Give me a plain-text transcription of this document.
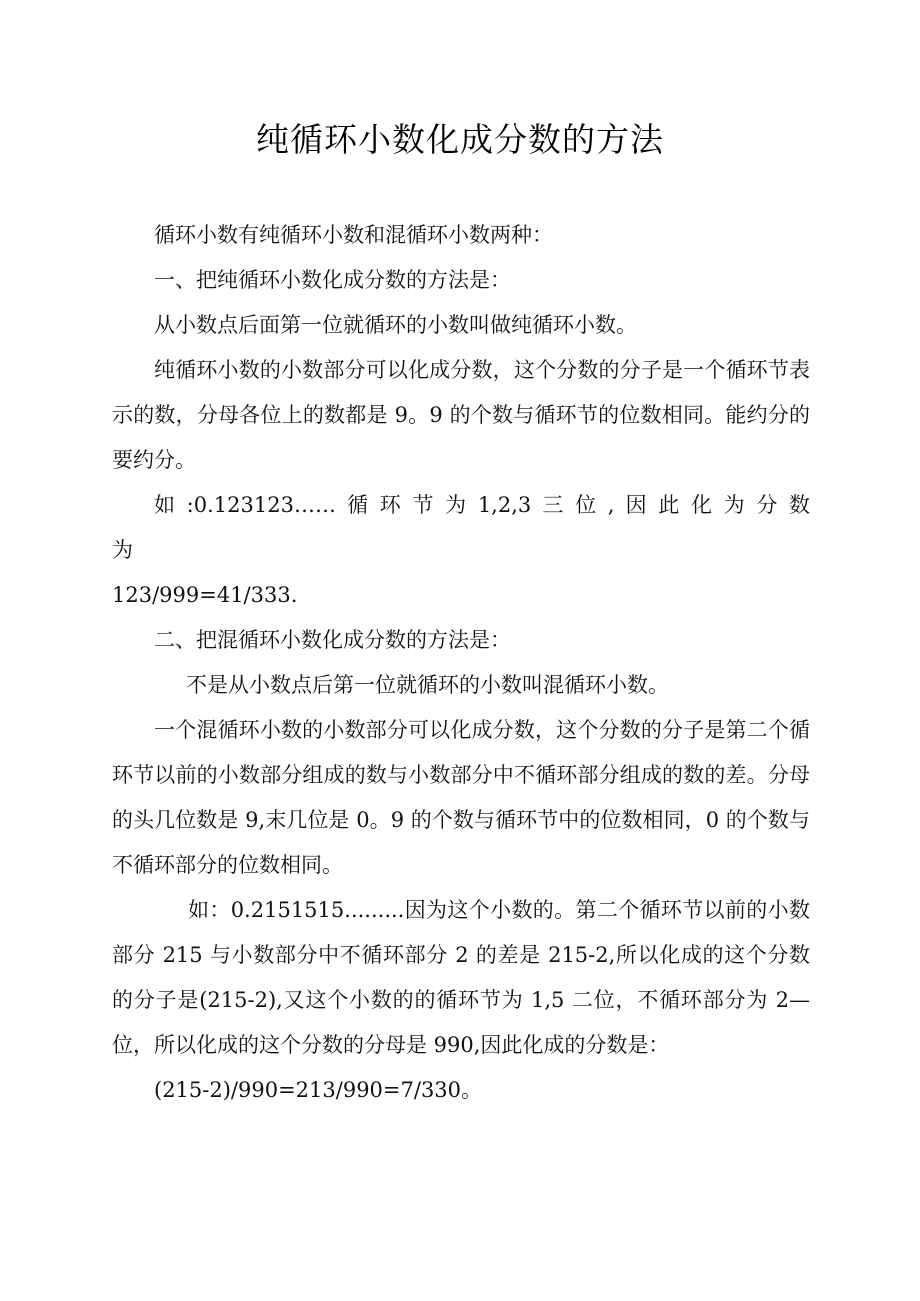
纯循环小数化成分数的方法

循环小数有纯循环小数和混循环小数两种：

一、把纯循环小数化成分数的方法是：

从小数点后面第一位就循环的小数叫做纯循环小数。

纯循环小数的小数部分可以化成分数，这个分数的分子是一个循环节表示的数，分母各位上的数都是 9。9 的个数与循环节的位数相同。能约分的要约分。

如 :0.123123…… 循 环 节 为 1,2,3 三 位 , 因 此 化 为 分 数 为

123/999=41/333.

二、把混循环小数化成分数的方法是：

不是从小数点后第一位就循环的小数叫混循环小数。

一个混循环小数的小数部分可以化成分数，这个分数的分子是第二个循环节以前的小数部分组成的数与小数部分中不循环部分组成的数的差。分母的头几位数是 9,末几位是 0。9 的个数与循环节中的位数相同，0 的个数与不循环部分的位数相同。

如：0.2151515.........因为这个小数的。第二个循环节以前的小数部分 215 与小数部分中不循环部分 2 的差是 215-2,所以化成的这个分数的分子是(215-2),又这个小数的的循环节为 1,5 二位，不循环部分为 2—位，所以化成的这个分数的分母是 990,因此化成的分数是：

(215-2)/990=213/990=7/330。
